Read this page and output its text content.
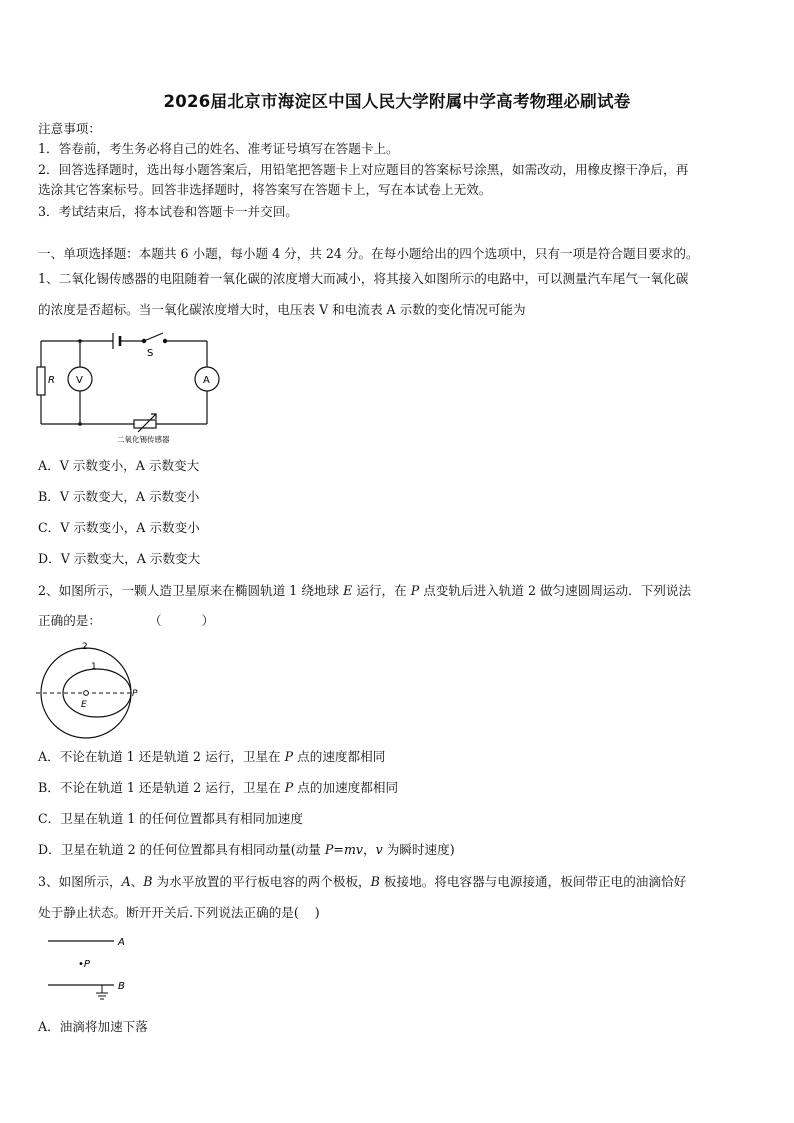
2026届北京市海淀区中国人民大学附属中学高考物理必刷试卷
注意事项：
1．答卷前，考生务必将自己的姓名、准考证号填写在答题卡上。
2．回答选择题时，选出每小题答案后，用铅笔把答题卡上对应题目的答案标号涂黑，如需改动，用橡皮擦干净后，再
选涂其它答案标号。回答非选择题时，将答案写在答题卡上，写在本试卷上无效。
3．考试结束后，将本试卷和答题卡一并交回。
一、单项选择题：本题共 6 小题，每小题 4 分，共 24 分。在每小题给出的四个选项中，只有一项是符合题目要求的。
1、二氧化锡传感器的电阻随着一氧化碳的浓度增大而减小，将其接入如图所示的电路中，可以测量汽车尾气一氧化碳
的浓度是否超标。当一氧化碳浓度增大时，电压表 V 和电流表 A 示数的变化情况可能为
S
R V	A
二氧化锡传感器
A．V 示数变小，A 示数变大
B．V 示数变大，A 示数变小
C．V 示数变小，A 示数变小
D．V 示数变大，A 示数变大
2、如图所示，一颗人造卫星原来在椭圆轨道 1 绕地球 E 运行，在 P 点变轨后进入轨道 2 做匀速圆周运动．下列说法
正确的是：            （          ）
2
1
E
P
A．不论在轨道 1 还是轨道 2 运行，卫星在 P 点的速度都相同
B．不论在轨道 1 还是轨道 2 运行，卫星在 P 点的加速度都相同
C．卫星在轨道 1 的任何位置都具有相同加速度
D．卫星在轨道 2 的任何位置都具有相同动量(动量 P=mv，v 为瞬时速度)
3、如图所示，A、B 为水平放置的平行板电容的两个极板，B 板接地。将电容器与电源接通，板间带正电的油滴恰好
处于静止状态。断开开关后.下列说法正确的是(    )
A
•P
B
A．油滴将加速下落
